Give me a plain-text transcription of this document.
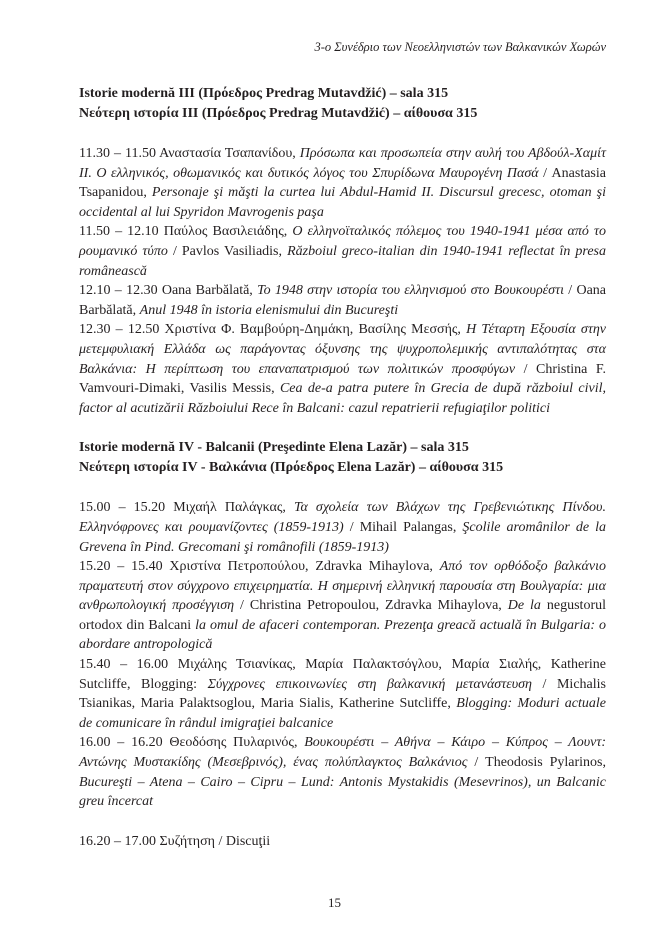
3-ο Συνέδριο των Νεοελληνιστών των Βαλκανικών Χωρών
Istorie modernă III (Πρόεδρος Predrag Mutavdžić) – sala 315
Νεότερη ιστορία III (Πρόεδρος Predrag Mutavdžić) – αίθουσα 315
11.30 – 11.50 Αναστασία Τσαπανίδου, Πρόσωπα και προσωπεία στην αυλή του Αβδούλ-Χαμίτ ΙΙ. Ο ελληνικός, οθωμανικός και δυτικός λόγος του Σπυρίδωνα Μαυρογένη Πασά / Anastasia Tsapanidou, Personaje şi măşti la curtea lui Abdul-Hamid II. Discursul grecesc, otoman şi occidental al lui Spyridon Mavrogenis paşa
11.50 – 12.10 Παύλος Βασιλειάδης, Ο ελληνοϊταλικός πόλεμος του 1940-1941 μέσα από το ρουμανικό τύπο / Pavlos Vasiliadis, Războiul greco-italian din 1940-1941 reflectat în presa românească
12.10 – 12.30 Oana Barbălată, Το 1948 στην ιστορία του ελληνισμού στο Βουκουρέστι / Oana Barbălată, Anul 1948 în istoria elenismului din Bucureşti
12.30 – 12.50 Χριστίνα Φ. Βαμβούρη-Δημάκη, Βασίλης Μεσσής, Η Τέταρτη Εξουσία στην μετεμφυλιακή Ελλάδα ως παράγοντας όξυνσης της ψυχροπολεμικής αντιπαλότητας στα Βαλκάνια: Η περίπτωση του επαναπατρισμού των πολιτικών προσφύγων / Christina F. Vamvouri-Dimaki, Vasilis Messis, Cea de-a patra putere în Grecia de după războiul civil, factor al acutizării Războiului Rece în Balcani: cazul repatrierii refugiaţilor politici
Istorie modernă IV - Balcanii (Preşedinte Elena Lazăr) – sala 315
Νεότερη ιστορία IV - Βαλκάνια (Πρόεδρος Elena Lazăr) – αίθουσα 315
15.00 – 15.20 Μιχαήλ Παλάγκας, Τα σχολεία των Βλάχων της Γρεβενιώτικης Πίνδου. Ελληνόφρονες και ρουμανίζοντες (1859-1913) / Mihail Palangas, Şcolile aromânilor de la Grevena în Pind. Grecomani şi românofili (1859-1913)
15.20 – 15.40 Χριστίνα Πετροπούλου, Zdravka Mihaylova, Από τον ορθόδοξο βαλκάνιο πραματευτή στον σύγχρονο επιχειρηματία. Η σημερινή ελληνική παρουσία στη Βουλγαρία: μια ανθρωπολογική προσέγγιση / Christina Petropoulou, Zdravka Mihaylova, De la negustorul ortodox din Balcani la omul de afaceri contemporan. Prezenţa greacă actuală în Bulgaria: o abordare antropologică
15.40 – 16.00 Μιχάλης Τσιανίκας, Μαρία Παλακτσόγλου, Μαρία Σιαλής, Katherine Sutcliffe, Blogging: Σύγχρονες επικοινωνίες στη βαλκανική μετανάστευση / Michalis Tsianikas, Maria Palaktsoglou, Maria Sialis, Katherine Sutcliffe, Blogging: Moduri actuale de comunicare în rândul imigraţiei balcanice
16.00 – 16.20 Θεοδόσης Πυλαρινός, Βουκουρέστι – Αθήνα – Κάιρο – Κύπρος – Λουντ: Αντώνης Μυστακίδης (Μεσεβρινός), ένας πολύπλαγκτος Βαλκάνιος / Theodosis Pylarinos, Bucureşti – Atena – Cairo – Cipru – Lund: Antonis Mystakidis (Mesevrinos), un Balcanic greu încercat
16.20 – 17.00 Συζήτηση / Discuţii
15
